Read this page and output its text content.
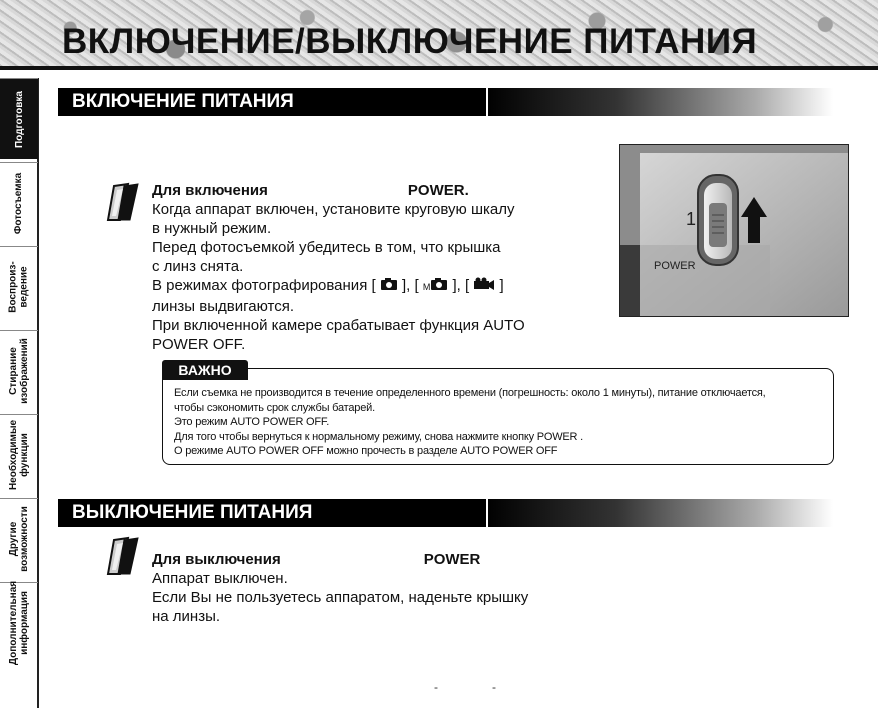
ВКЛЮЧЕНИЕ/ВЫКЛЮЧЕНИЕ ПИТАНИЯ
Подготовка
Фотосъемка
Воспроиз-
ведение
Стирание
изображений
Необходимые
функции
Другие
возможности
Дополнительная
информация
ВКЛЮЧЕНИЕ ПИТАНИЯ
Для включения	POWER.
Когда аппарат включен, установите круговую шкалу
в нужный режим.
Перед фотосъемкой убедитесь в том, что крышка
с линз снята.
В режимах фотографирования [ ], [ M ], [ ]
линзы выдвигаются.
При включенной камере срабатывает функция AUTO
POWER OFF.
1
POWER
ВАЖНО
Если съемка не производится в течение определенного времени (погрешность: около 1 минуты), питание отключается,
чтобы сэкономить срок службы батарей.
Это режим AUTO POWER OFF.
Для того чтобы вернуться к нормальному режиму, снова нажмите кнопку POWER .
О режиме AUTO POWER OFF можно прочесть в разделе AUTO POWER OFF
ВЫКЛЮЧЕНИЕ ПИТАНИЯ
Для выключения	POWER
Аппарат выключен.
Если Вы не пользуетесь аппаратом, наденьте крышку
на линзы.
-	-
